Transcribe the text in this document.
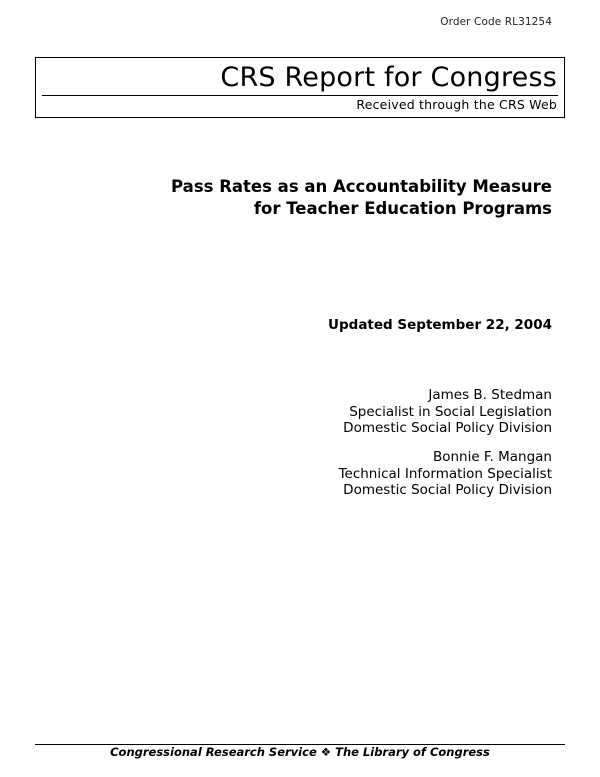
Order Code RL31254
CRS Report for Congress
Received through the CRS Web
Pass Rates as an Accountability Measure
for Teacher Education Programs
Updated September 22, 2004
James B. Stedman
Specialist in Social Legislation
Domestic Social Policy Division
Bonnie F. Mangan
Technical Information Specialist
Domestic Social Policy Division
Congressional Research Service ❖ The Library of Congress
